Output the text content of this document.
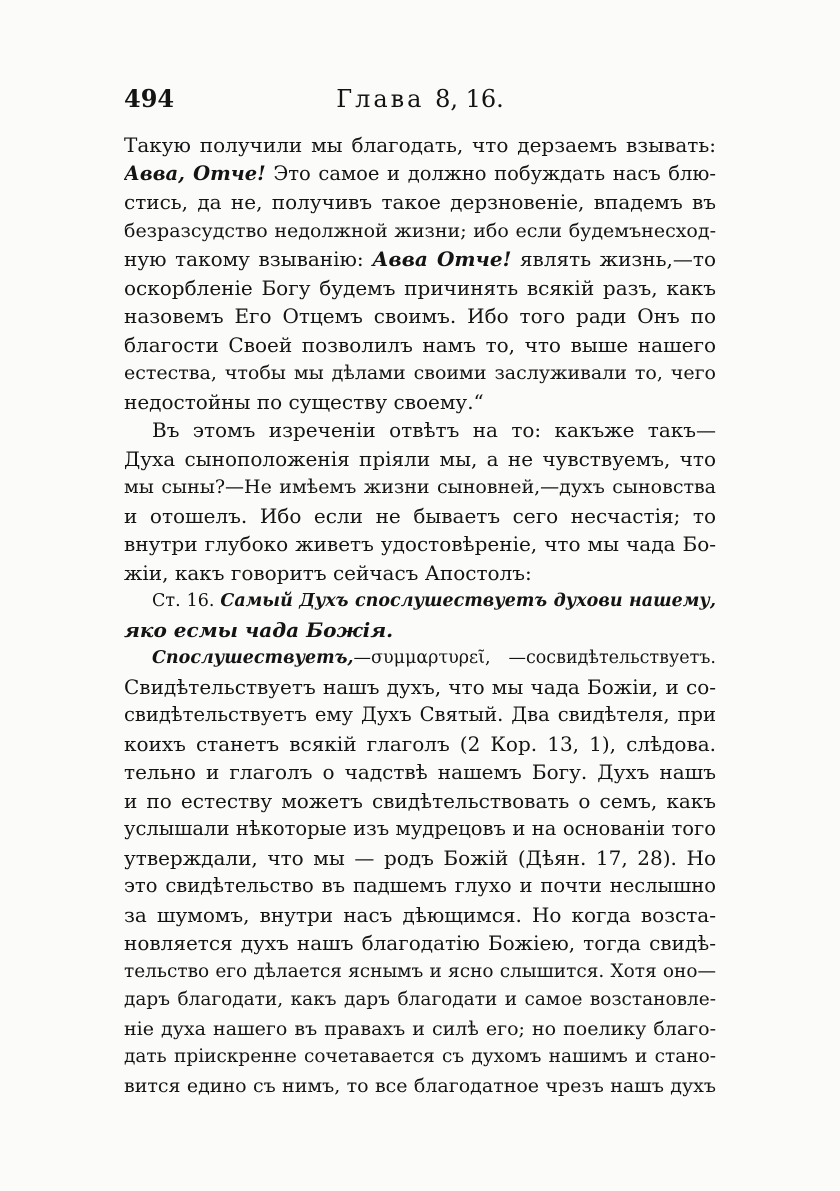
494	Глава 8, 16.
Такую получили мы благодать, что дерзаемъ взывать:
Авва, Отче! Это самое и должно побуждать насъ блю-
стись, да не, получивъ такое дерзновеніе, впадемъ въ
безразсудство недолжной жизни; ибо если будемънесход-
ную такому взыванію: Авва Отче! являть жизнь,—то
оскорбленіе Богу будемъ причинять всякій разъ, какъ
назовемъ Его Отцемъ своимъ. Ибо того ради Онъ по
благости Своей позволилъ намъ то, что выше нашего
естества, чтобы мы дѣлами своими заслуживали то, чего
недостойны по существу своему.“
Въ этомъ изреченіи отвѣтъ на то: какъже такъ—
Духа сыноположенія пріяли мы, а не чувствуемъ, что
мы сыны?—Не имѣемъ жизни сыновней,—духъ сыновства
и отошелъ. Ибо если не бываетъ сего несчастія; то
внутри глубоко живетъ удостовѣреніе, что мы чада Бо-
жіи, какъ говоритъ сейчасъ Апостолъ:
Ст. 16. Самый Духъ спослушествуетъ духови нашему,
яко есмы чада Божія.
Спослушествуетъ,—συμμαρτυρεῖ, —сосвидѣтельствуетъ.
Свидѣтельствуетъ нашъ духъ, что мы чада Божіи, и со-
свидѣтельствуетъ ему Духъ Святый. Два свидѣтеля, при
коихъ станетъ всякій глаголъ (2 Кор. 13, 1), слѣдова.
тельно и глаголъ о чадствѣ нашемъ Богу. Духъ нашъ
и по естеству можетъ свидѣтельствовать о семъ, какъ
услышали нѣкоторые изъ мудрецовъ и на основаніи того
утверждали, что мы — родъ Божій (Дѣян. 17, 28). Но
это свидѣтельство въ падшемъ глухо и почти неслышно
за шумомъ, внутри насъ дѣющимся. Но когда возста-
новляется духъ нашъ благодатію Божіею, тогда свидѣ-
тельство его дѣлается яснымъ и ясно слышится. Хотя оно—
даръ благодати, какъ даръ благодати и самое возстановле-
ніе духа нашего въ правахъ и силѣ его; но поелику благо-
дать пріискренне сочетавается съ духомъ нашимъ и стано-
вится едино съ нимъ, то все благодатное чрезъ нашъ духъ
